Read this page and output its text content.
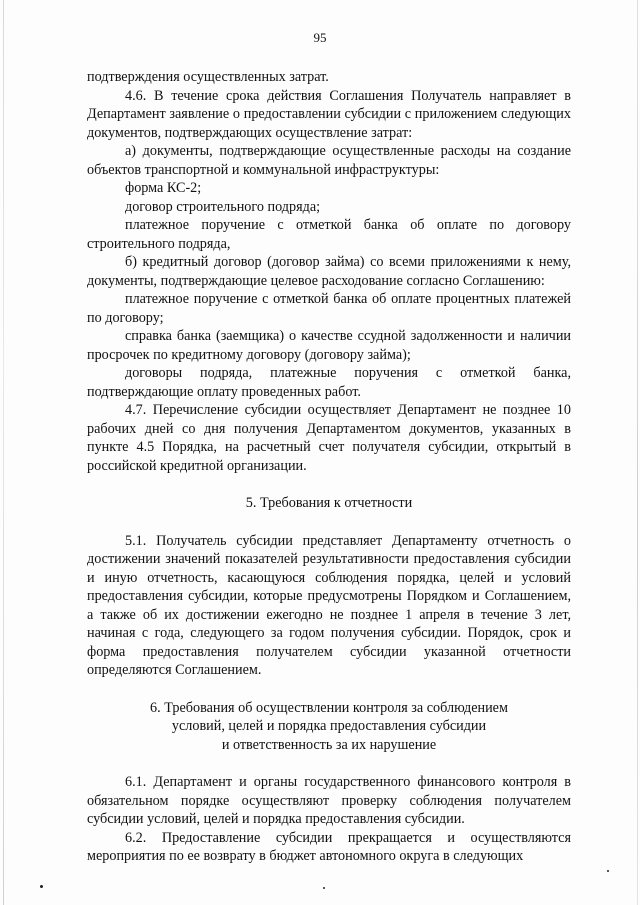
95

подтверждения осуществленных затрат.

4.6. В течение срока действия Соглашения Получатель направляет в Департамент заявление о предоставлении субсидии с приложением следующих документов, подтверждающих осуществление затрат:

а) документы, подтверждающие осуществленные расходы на создание объектов транспортной и коммунальной инфраструктуры:

форма КС-2;

договор строительного подряда;

платежное поручение с отметкой банка об оплате по договору строительного подряда,

б) кредитный договор (договор займа) со всеми приложениями к нему, документы, подтверждающие целевое расходование согласно Соглашению:

платежное поручение с отметкой банка об оплате процентных платежей по договору;

справка банка (заемщика) о качестве ссудной задолженности и наличии просрочек по кредитному договору (договору займа);

договоры подряда, платежные поручения с отметкой банка, подтверждающие оплату проведенных работ.

4.7. Перечисление субсидии осуществляет Департамент не позднее 10 рабочих дней со дня получения Департаментом документов, указанных в пункте 4.5 Порядка, на расчетный счет получателя субсидии, открытый в российской кредитной организации.

5. Требования к отчетности

5.1. Получатель субсидии представляет Департаменту отчетность о достижении значений показателей результативности предоставления субсидии и иную отчетность, касающуюся соблюдения порядка, целей и условий предоставления субсидии, которые предусмотрены Порядком и Соглашением, а также об их достижении ежегодно не позднее 1 апреля в течение 3 лет, начиная с года, следующего за годом получения субсидии. Порядок, срок и форма предоставления получателем субсидии указанной отчетности определяются Соглашением.

6. Требования об осуществлении контроля за соблюдением

условий, целей и порядка предоставления субсидии

и ответственность за их нарушение

6.1. Департамент и органы государственного финансового контроля в обязательном порядке осуществляют проверку соблюдения получателем субсидии условий, целей и порядка предоставления субсидии.

6.2. Предоставление субсидии прекращается и осуществляются мероприятия по ее возврату в бюджет автономного округа в следующих
